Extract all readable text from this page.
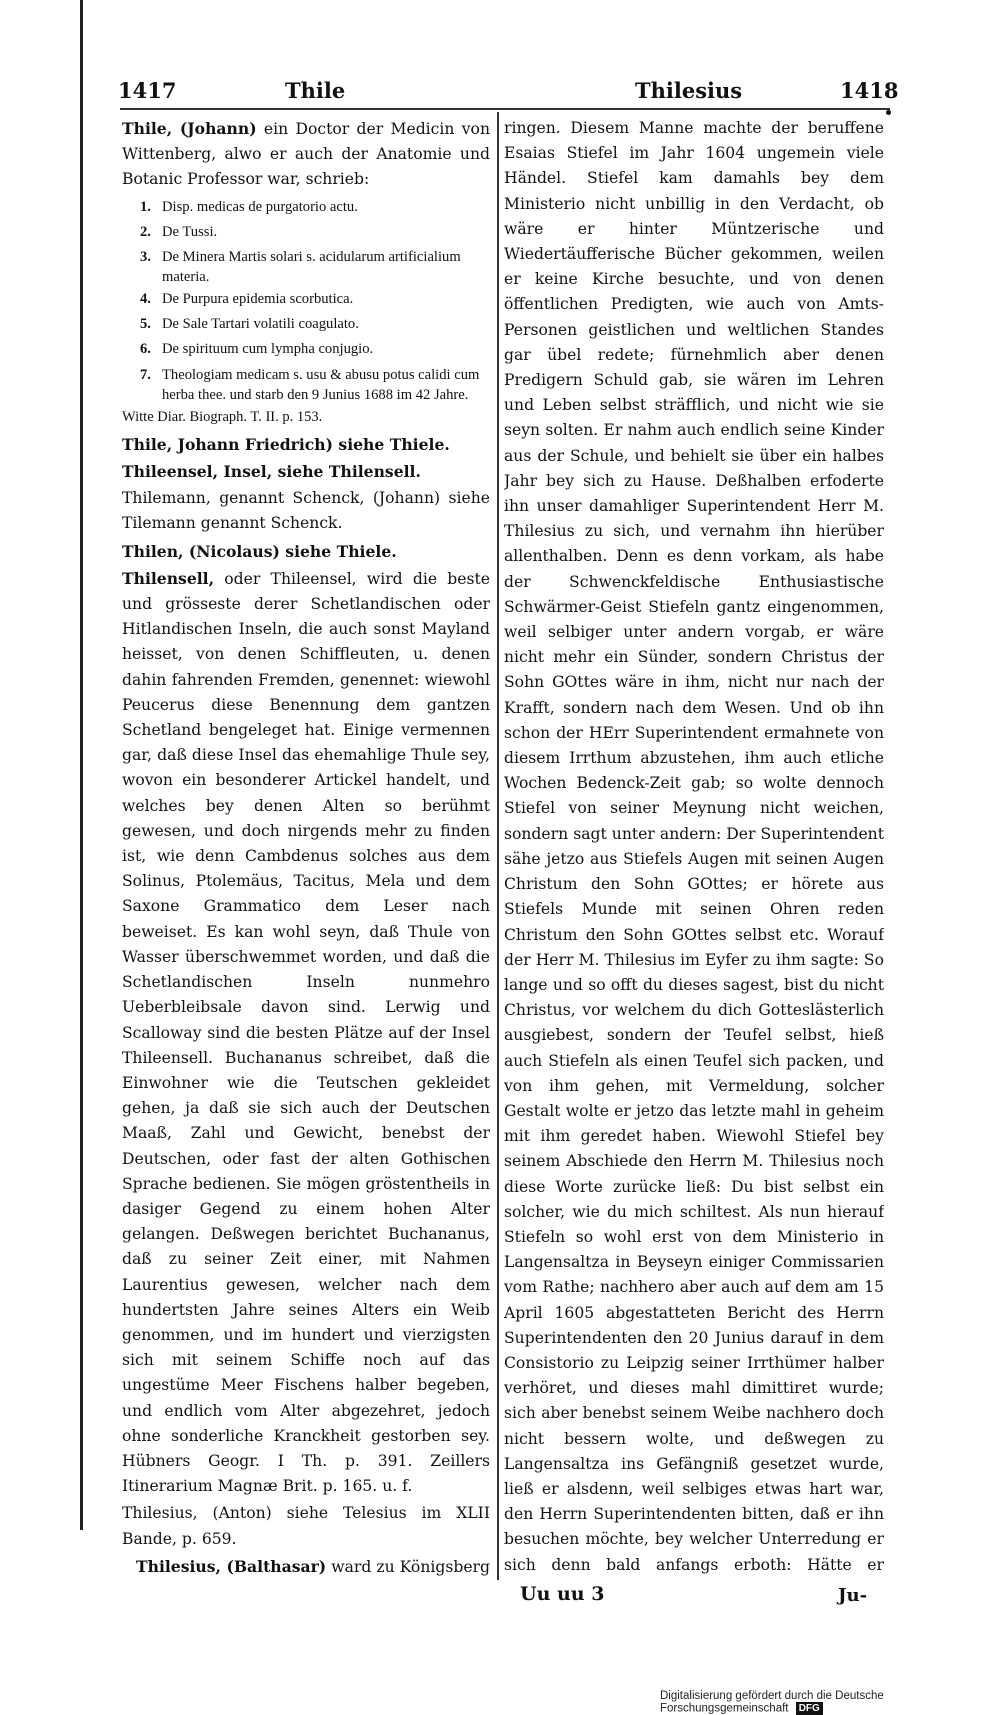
1417	Thile	Thilesius	1418

Thile, (Johann) ein Doctor der Medicin von Wittenberg, alwo er auch der Anatomie und Botanic Professor war, schrieb:

1. Disp. medicas de purgatorio actu.
2. De Tussi.
3. De Minera Martis solari s. acidularum artificialium materia.
4. De Purpura epidemia scorbutica.
5. De Sale Tartari volatili coagulato.
6. De spirituum cum lympha conjugio.
7. Theologiam medicam s. usu & abusu potus calidi cum herba thee. und starb den 9 Junius 1688 im 42 Jahre.

Witte Diar. Biograph. T. II. p. 153.

Thile, Johann Friedrich) siehe Thiele.

Thileensel, Insel, siehe Thilensell.

Thilemann, genannt Schenck, (Johann) siehe Tilemann genannt Schenck.

Thilen, (Nicolaus) siehe Thiele.

Thilensell, oder Thileensel, wird die beste und grösseste derer Schetlandischen oder Hitlandischen Inseln, die auch sonst Mayland heisset, von denen Schiffleuten, u. denen dahin fahrenden Fremden, genennet: wiewohl Peucerus diese Benennung dem gantzen Schetland bengeleget hat. Einige vermennen gar, daß diese Insel das ehemahlige Thule sey, wovon ein besonderer Artickel handelt, und welches bey denen Alten so berühmt gewesen, und doch nirgends mehr zu finden ist, wie denn Cambdenus solches aus dem Solinus, Ptolemäus, Tacitus, Mela und dem Saxone Grammatico dem Leser nach beweiset. Es kan wohl seyn, daß Thule von Wasser überschwemmet worden, und daß die Schetlandischen Inseln nunmehro Ueberbleibsale davon sind. Lerwig und Scalloway sind die besten Plätze auf der Insel Thileensell. Buchananus schreibet, daß die Einwohner wie die Teutschen gekleidet gehen, ja daß sie sich auch der Deutschen Maaß, Zahl und Gewicht, benebst der Deutschen, oder fast der alten Gothischen Sprache bedienen. Sie mögen gröstentheils in dasiger Gegend zu einem hohen Alter gelangen. Deßwegen berichtet Buchananus, daß zu seiner Zeit einer, mit Nahmen Laurentius gewesen, welcher nach dem hundertsten Jahre seines Alters ein Weib genommen, und im hundert und vierzigsten sich mit seinem Schiffe noch auf das ungestüme Meer Fischens halber begeben, und endlich vom Alter abgezehret, jedoch ohne sonderliche Kranckheit gestorben sey. Hübners Geogr. I Th. p. 391. Zeillers Itinerarium Magnæ Brit. p. 165. u. f.

Thilesius, (Anton) siehe Telesius im XLII Bande, p. 659.

Thilesius, (Balthasar) ward zu Königsberg

ringen. Diesem Manne machte der beruffene Esaias Stiefel im Jahr 1604 ungemein viele Händel. Stiefel kam damahls bey dem Ministerio nicht unbillig in den Verdacht, ob wäre er hinter Müntzerische und Wiedertäufferische Bücher gekommen, weilen er keine Kirche besuchte, und von denen öffentlichen Predigten, wie auch von Amts-Personen geistlichen und weltlichen Standes gar übel redete; fürnehmlich aber denen Predigern Schuld gab, sie wären im Lehren und Leben selbst sträfflich, und nicht wie sie seyn solten. Er nahm auch endlich seine Kinder aus der Schule, und behielt sie über ein halbes Jahr bey sich zu Hause. Deßhalben erfoderte ihn unser damahliger Superintendent Herr M. Thilesius zu sich, und vernahm ihn hierüber allenthalben. Denn es denn vorkam, als habe der Schwenckfeldische Enthusiastische Schwärmer-Geist Stiefeln gantz eingenommen, weil selbiger unter andern vorgab, er wäre nicht mehr ein Sünder, sondern Christus der Sohn GOttes wäre in ihm, nicht nur nach der Krafft, sondern nach dem Wesen. Und ob ihn schon der HErr Superintendent ermahnete von diesem Irrthum abzustehen, ihm auch etliche Wochen Bedenck-Zeit gab; so wolte dennoch Stiefel von seiner Meynung nicht weichen, sondern sagt unter andern: Der Superintendent sähe jetzo aus Stiefels Augen mit seinen Augen Christum den Sohn GOttes; er hörete aus Stiefels Munde mit seinen Ohren reden Christum den Sohn GOttes selbst etc. Worauf der Herr M. Thilesius im Eyfer zu ihm sagte: So lange und so offt du dieses sagest, bist du nicht Christus, vor welchem du dich Gotteslästerlich ausgiebest, sondern der Teufel selbst, hieß auch Stiefeln als einen Teufel sich packen, und von ihm gehen, mit Vermeldung, solcher Gestalt wolte er jetzo das letzte mahl in geheim mit ihm geredet haben. Wiewohl Stiefel bey seinem Abschiede den Herrn M. Thilesius noch diese Worte zurücke ließ: Du bist selbst ein solcher, wie du mich schiltest. Als nun hierauf Stiefeln so wohl erst von dem Ministerio in Langensaltza in Beyseyn einiger Commissarien vom Rathe; nachhero aber auch auf dem am 15 April 1605 abgestatteten Bericht des Herrn Superintendenten den 20 Junius darauf in dem Consistorio zu Leipzig seiner Irrthümer halber verhöret, und dieses mahl dimittiret wurde; sich aber benebst seinem Weibe nachhero doch nicht bessern wolte, und deßwegen zu Langensaltza ins Gefängniß gesetzet wurde, ließ er alsdenn, weil selbiges etwas hart war, den Herrn Superintendenten bitten, daß er ihn besuchen möchte, bey welcher Unterredung er sich denn bald anfangs erboth: Hätte er

Uu uu 3	Ju-
Digitalisierung gefördert durch die Deutsche Forschungsgemeinschaft DFG
